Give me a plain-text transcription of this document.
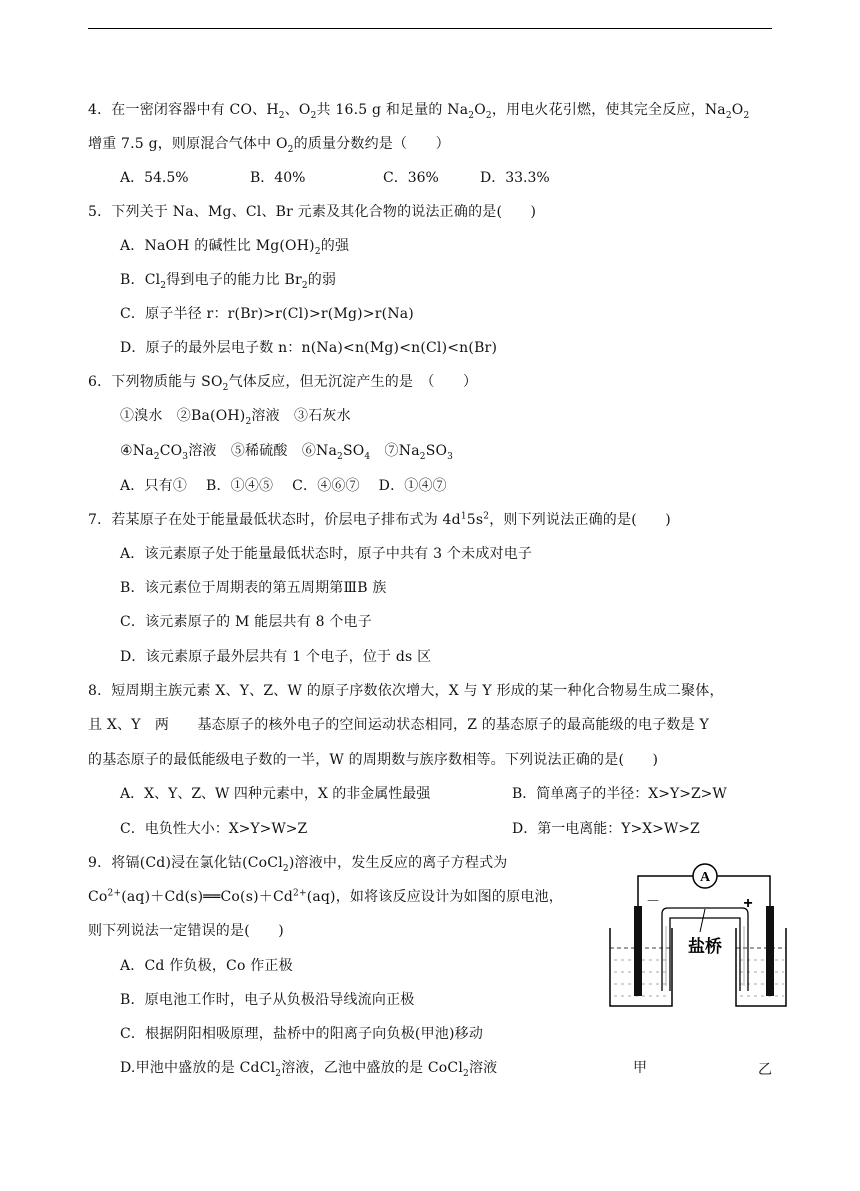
4．在一密闭容器中有 CO、$H_2$、$O_2$共 16.5 g 和足量的 $Na_2O_2$，用电火花引燃，使其完全反应，$Na_2O_2$
增重 7.5 g，则原混合气体中 $O_2$的质量分数约是（　　）
A．54.5%	B．40%	C．36%	D．33.3%
5．下列关于 Na、Mg、Cl、Br 元素及其化合物的说法正确的是(　　)
A．NaOH 的碱性比 $Mg(OH)_2$的强
B．$Cl_2$得到电子的能力比 $Br_2$的弱
C．原子半径 r：r(Br)>r(Cl)>r(Mg)>r(Na)
D．原子的最外层电子数 n：n(Na)<n(Mg)<n(Cl)<n(Br)
6．下列物质能与 $SO_2$气体反应，但无沉淀产生的是　（　　）
①溴水　$②Ba(OH)_2$溶液　③石灰水
$④Na_2CO_3$溶液　⑤稀硫酸　$⑥Na_2SO_4$　$⑦Na_2SO_3$
A．只有①　 B．①④⑤　 C．④⑥⑦　 D．①④⑦
7．若某原子在处于能量最低状态时，价层电子排布式为 $4d^15s^2$，则下列说法正确的是(　　)
A．该元素原子处于能量最低状态时，原子中共有 3 个未成对电子
B．该元素位于周期表的第五周期第ⅢB 族
C．该元素原子的 M 能层共有 8 个电子
D．该元素原子最外层共有 1 个电子，位于 ds 区
8．短周期主族元素 X、Y、Z、W 的原子序数依次增大，X 与 Y 形成的某一种化合物易生成二聚体，
且 X、Y　两　　基态原子的核外电子的空间运动状态相同，Z 的基态原子的最高能级的电子数是 Y
的基态原子的最低能级电子数的一半，W 的周期数与族序数相等。下列说法正确的是(　　)
A．X、Y、Z、W 四种元素中，X 的非金属性最强	B．简单离子的半径：X>Y>Z>W
C．电负性大小：X>Y>W>Z	D．第一电离能：Y>X>W>Z
9．将镉(Cd)浸在氯化钴(CoCl$_2$)溶液中，发生反应的离子方程式为
$Co^{2+}(aq)+Cd(s)══Co(s)+Cd^{2+}(aq)$，如将该反应设计为如图的原电池，
则下列说法一定错误的是(　　)
A．Cd 作负极，Co 作正极
B．原电池工作时，电子从负极沿导线流向正极
C．根据阴阳相吸原理，盐桥中的阳离子向负极(甲池)移动
D.甲池中盛放的是 CdCl$_2$溶液，乙池中盛放的是 CoCl$_2$溶液
A
－	+
盐桥
甲	乙
